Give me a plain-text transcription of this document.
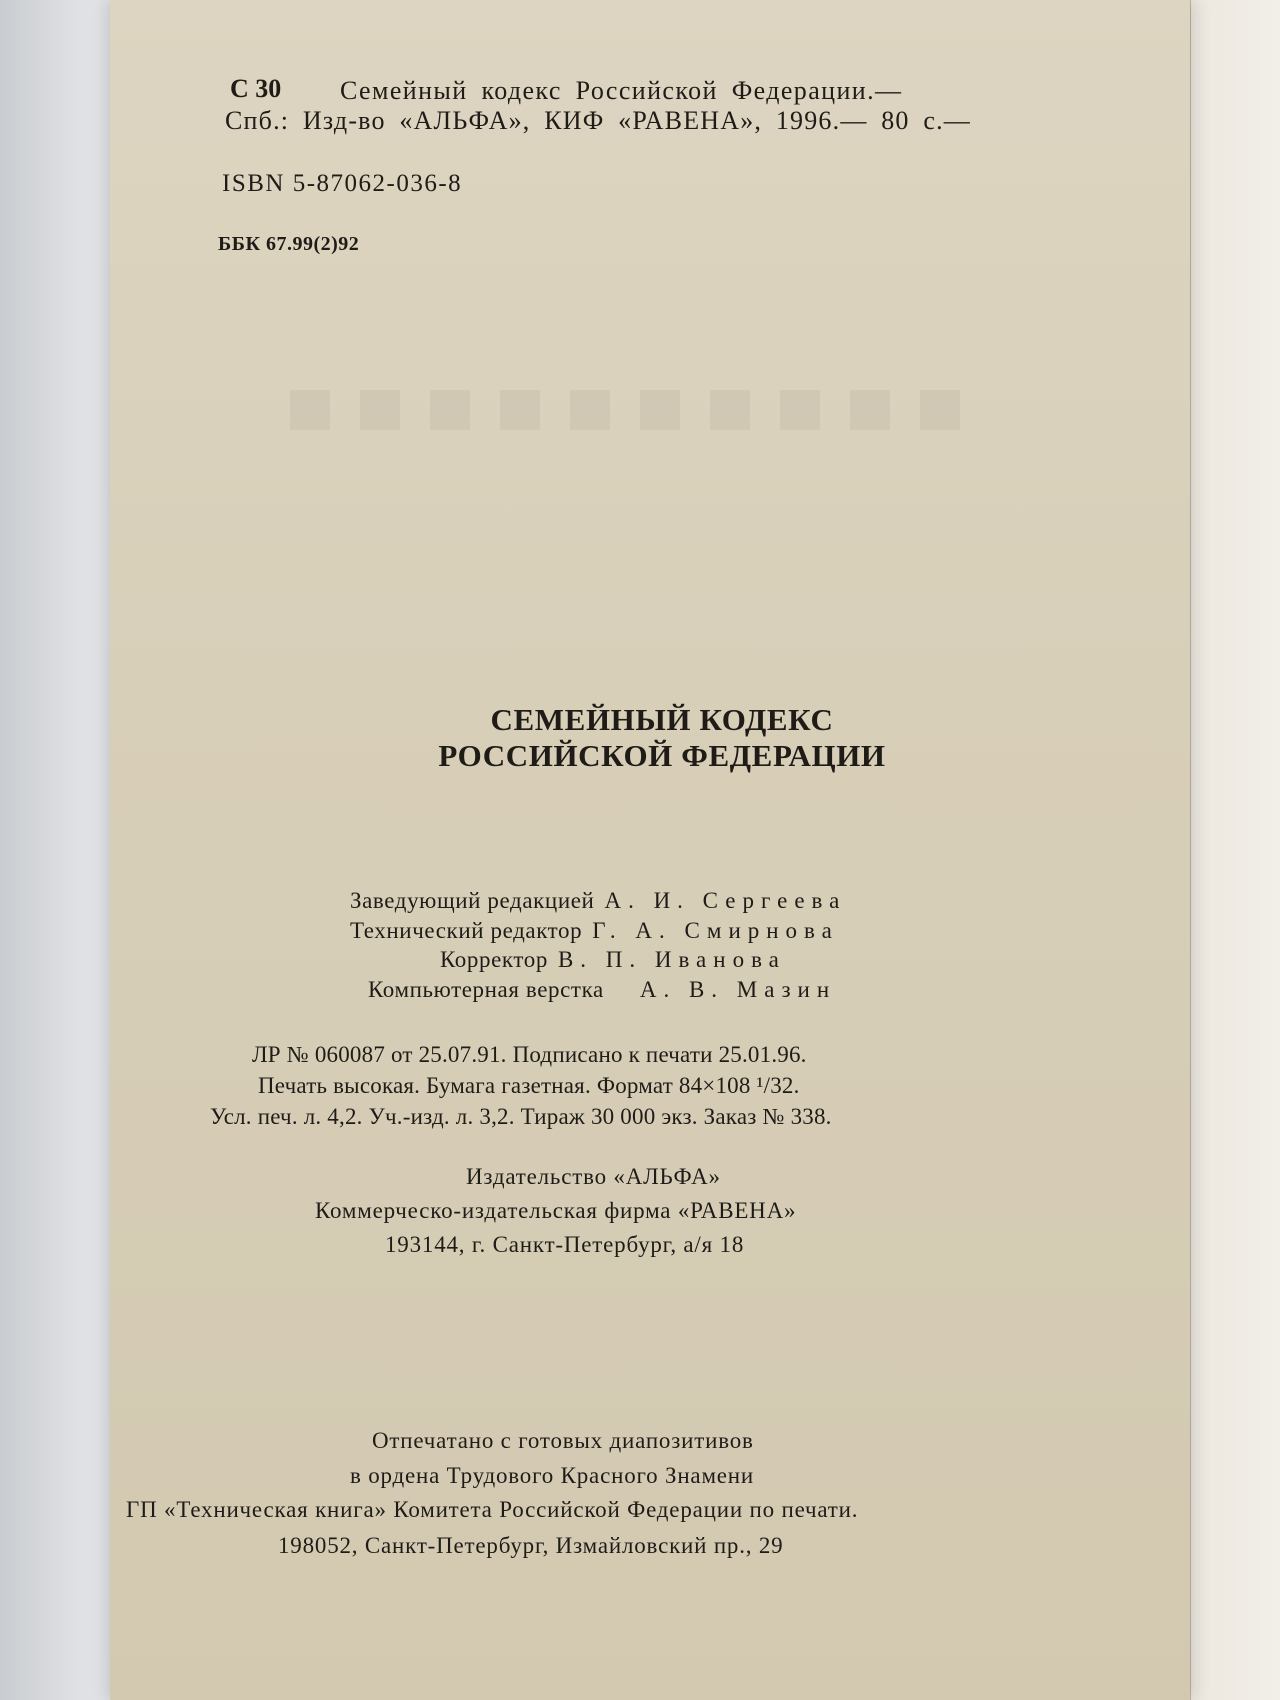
С 30 Семейный кодекс Российской Федерации.—
Спб.: Изд-во «АЛЬФА», КИФ «РАВЕНА», 1996.— 80 с.—
ISBN 5-87062-036-8
ББК 67.99(2)92
СЕМЕЙНЫЙ КОДЕКС
РОССИЙСКОЙ ФЕДЕРАЦИИ
Заведующий редакцией А. И. Сергеева
Технический редактор Г. А. Смирнова
Корректор В. П. Иванова
Компьютерная верстка А. В. Мазин
ЛР № 060087 от 25.07.91. Подписано к печати 25.01.96.
Печать высокая. Бумага газетная. Формат 84×108 ¹/32.
Усл. печ. л. 4,2. Уч.-изд. л. 3,2. Тираж 30 000 экз. Заказ № 338.
Издательство «АЛЬФА»
Коммерческо-издательская фирма «РАВЕНА»
193144, г. Санкт-Петербург, а/я 18
Отпечатано с готовых диапозитивов
в ордена Трудового Красного Знамени
ГП «Техническая книга» Комитета Российской Федерации по печати.
198052, Санкт-Петербург, Измайловский пр., 29
